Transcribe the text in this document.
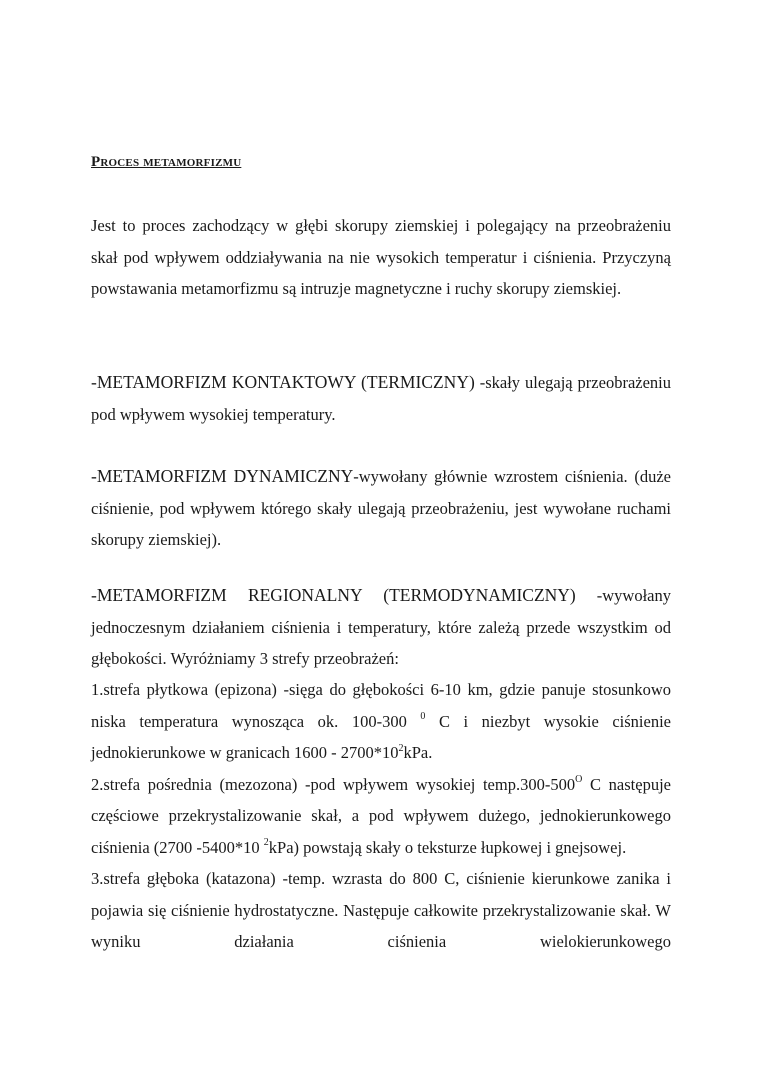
Proces metamorfizmu

Jest to proces zachodzący w głębi skorupy ziemskiej i polegający na przeobrażeniu skał pod wpływem oddziaływania na nie wysokich temperatur i ciśnienia. Przyczyną powstawania metamorfizmu są intruzje magnetyczne i ruchy skorupy ziemskiej.

-METAMORFIZM KONTAKTOWY (TERMICZNY) -skały ulegają przeobrażeniu pod wpływem wysokiej temperatury.

-METAMORFIZM DYNAMICZNY-wywołany głównie wzrostem ciśnienia. (duże ciśnienie, pod wpływem którego skały ulegają przeobrażeniu, jest wywołane ruchami skorupy ziemskiej).

-METAMORFIZM REGIONALNY (TERMODYNAMICZNY) -wywołany jednoczesnym działaniem ciśnienia i temperatury, które zależą przede wszystkim od głębokości. Wyróżniamy 3 strefy przeobrażeń:

1.strefa płytkowa (epizona) -sięga do głębokości 6-10 km, gdzie panuje stosunkowo niska temperatura wynosząca ok. 100-300 $^0$ C i niezbyt wysokie ciśnienie jednokierunkowe w granicach $1600 - 2700*10^2kPa$.

2.strefa pośrednia (mezozona) -pod wpływem wysokiej $temp.300-500^O$ C następuje częściowe przekrystalizowanie skał, a pod wpływem dużego, jednokierunkowego ciśnienia (2700 -5400*10 $^2$kPa) powstają skały o teksturze łupkowej i gnejsowej.

3.strefa głęboka (katazona) -temp. wzrasta do 800 C, ciśnienie kierunkowe zanika i pojawia się ciśnienie hydrostatyczne. Następuje całkowite przekrystalizowanie skał. W wyniku działania ciśnienia wielokierunkowego
